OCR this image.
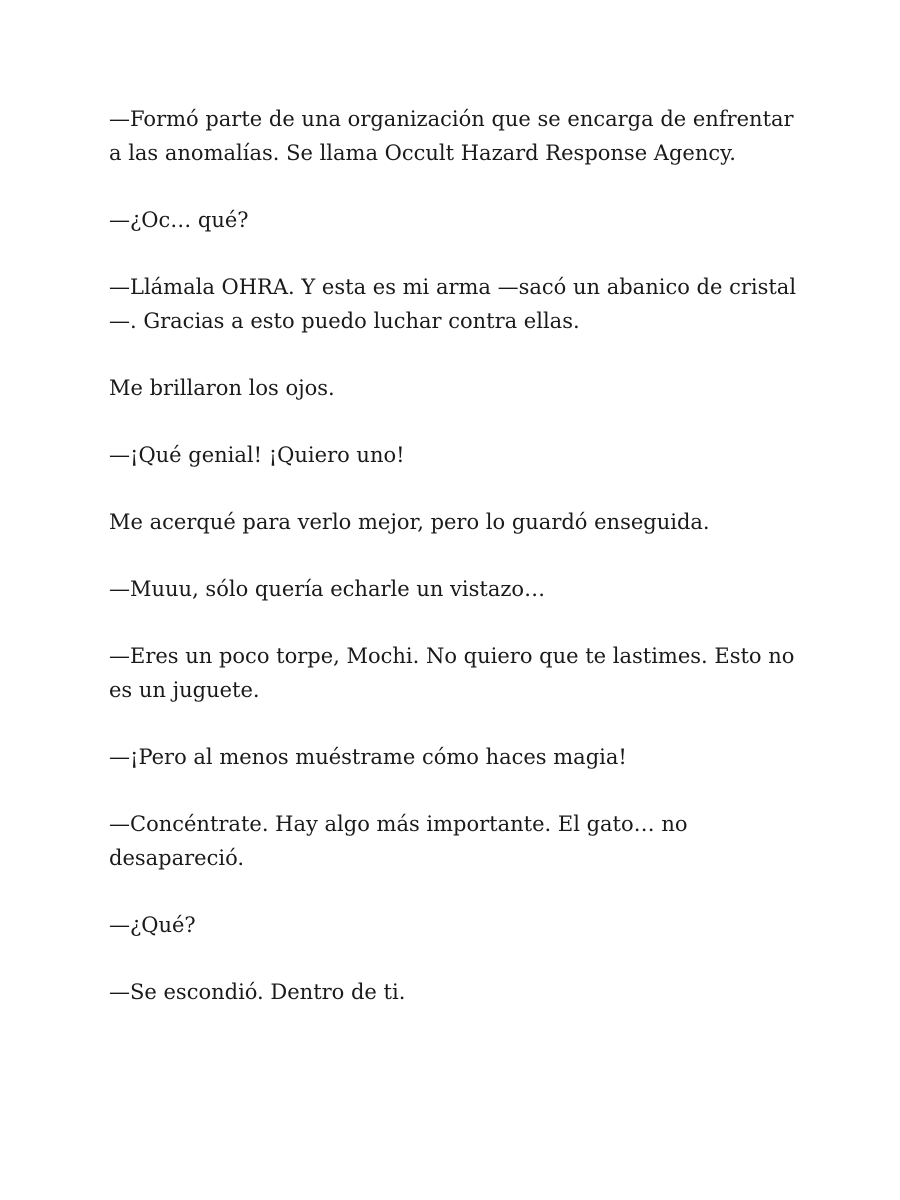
—Formó parte de una organización que se encarga de enfrentar a las anomalías. Se llama Occult Hazard Response Agency.

—¿Oc… qué?

—Llámala OHRA. Y esta es mi arma —sacó un abanico de cristal—. Gracias a esto puedo luchar contra ellas.

Me brillaron los ojos.

—¡Qué genial! ¡Quiero uno!

Me acerqué para verlo mejor, pero lo guardó enseguida.

—Muuu, sólo quería echarle un vistazo…

—Eres un poco torpe, Mochi. No quiero que te lastimes. Esto no es un juguete.

—¡Pero al menos muéstrame cómo haces magia!

—Concéntrate. Hay algo más importante. El gato… no desapareció.

—¿Qué?

—Se escondió. Dentro de ti.
